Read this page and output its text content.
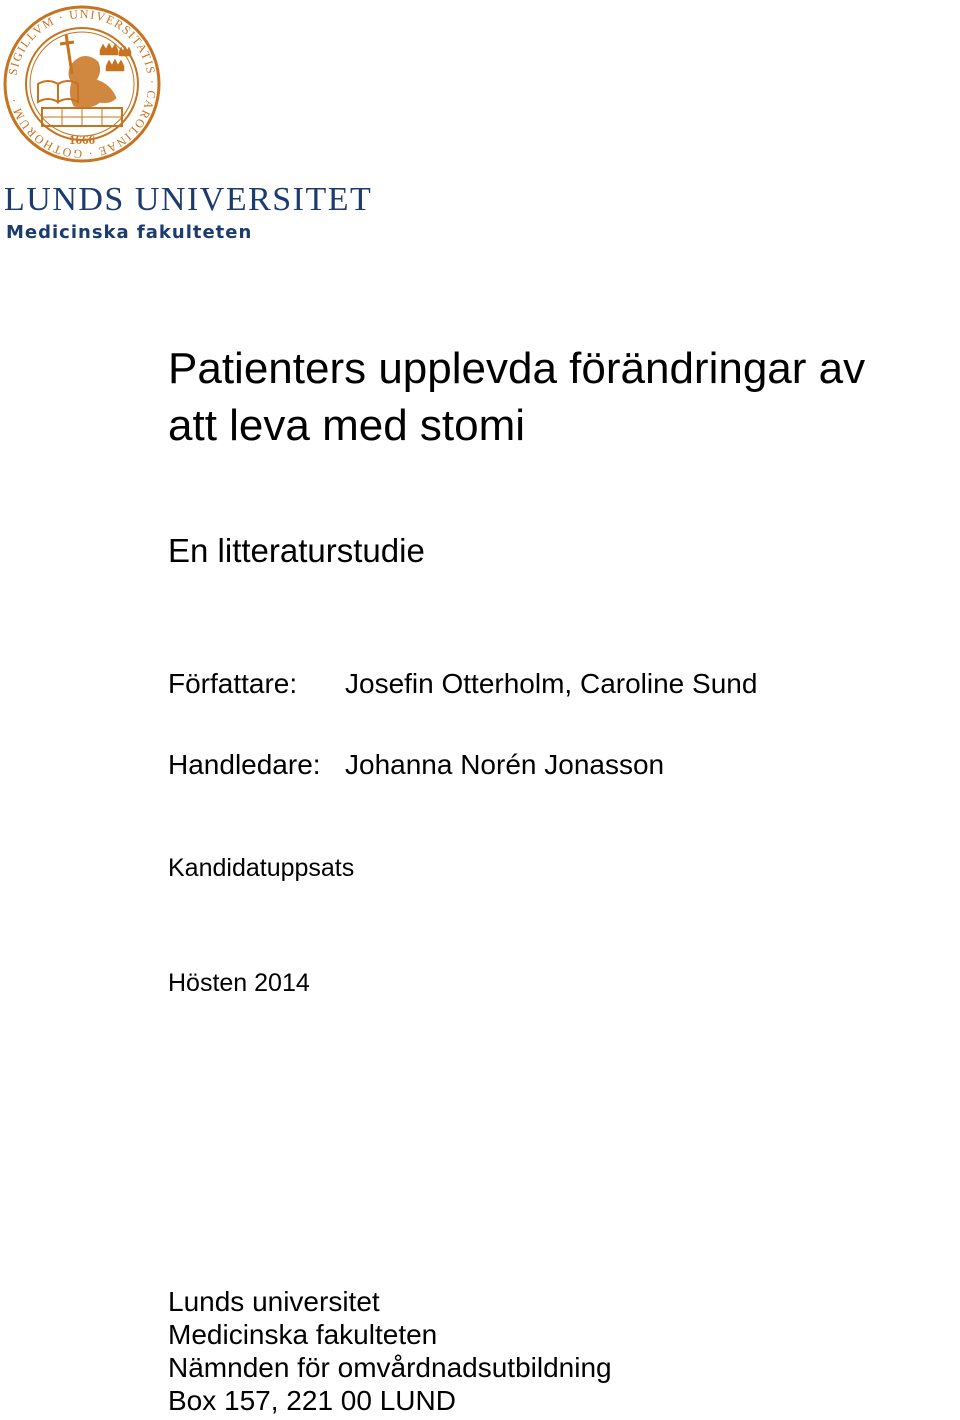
SIGILLVM · UNIVERSITATIS · CAROLINAE · GOTHORUM ·
1666
LUNDS UNIVERSITET
Medicinska fakulteten
Patienters upplevda förändringar av
att leva med stomi
En litteraturstudie
Författare: Josefin Otterholm, Caroline Sund
Handledare: Johanna Norén Jonasson
Kandidatuppsats
Hösten 2014
Lunds universitet
Medicinska fakulteten
Nämnden för omvårdnadsutbildning
Box 157, 221 00 LUND
